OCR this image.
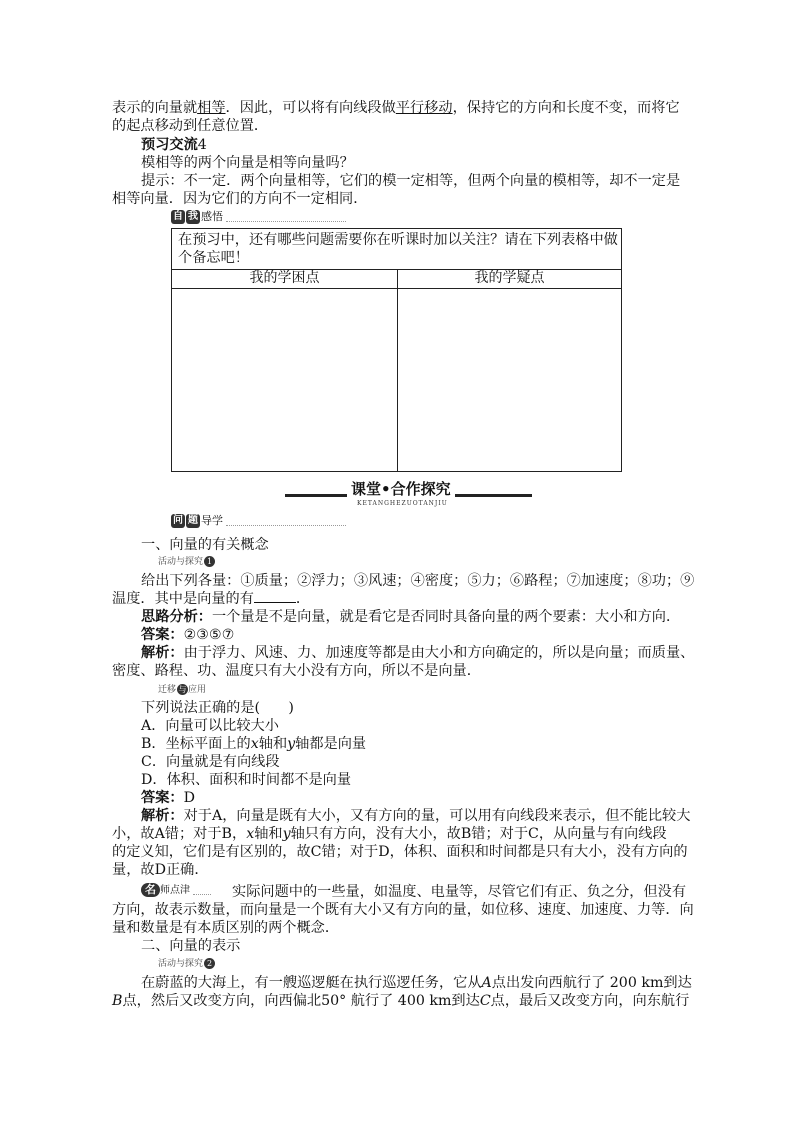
表示的向量就相等．因此，可以将有向线段做平行移动，保持它的方向和长度不变，而将它
的起点移动到任意位置．
预习交流4
模相等的两个向量是相等向量吗？
提示：不一定．两个向量相等，它们的模一定相等，但两个向量的模相等，却不一定是
相等向量．因为它们的方向不一定相同．
自 我 感悟
在预习中，还有哪些问题需要你在听课时加以关注？请在下列表格中做
个备忘吧！
我的学困点	我的学疑点
课堂•合作探究
KETANGHEZUOTANJIU
问 题 导学
一、向量的有关概念
活动与探究 1
给出下列各量：①质量；②浮力；③风速；④密度；⑤力；⑥路程；⑦加速度；⑧功；⑨
温度．其中是向量的有	．
思路分析：一个量是不是向量，就是看它是否同时具备向量的两个要素：大小和方向．
答案：②③⑤⑦
解析：由于浮力、风速、力、加速度等都是由大小和方向确定的，所以是向量；而质量、
密度、路程、功、温度只有大小没有方向，所以不是向量．
迁移 与 应用
下列说法正确的是(　　)
A．向量可以比较大小
B．坐标平面上的x轴和y轴都是向量
C．向量就是有向线段
D．体积、面积和时间都不是向量
答案：D
解析：对于A，向量是既有大小，又有方向的量，可以用有向线段来表示，但不能比较大
小，故A错；对于B，x轴和y轴只有方向，没有大小，故B错；对于C，从向量与有向线段
的定义知，它们是有区别的，故C错；对于D，体积、面积和时间都是只有大小，没有方向的
量，故D正确．
名 师点津	实际问题中的一些量，如温度、电量等，尽管它们有正、负之分，但没有
方向，故表示数量，而向量是一个既有大小又有方向的量，如位移、速度、加速度、力等．向
量和数量是有本质区别的两个概念．
二、向量的表示
活动与探究 2
在蔚蓝的大海上，有一艘巡逻艇在执行巡逻任务，它从A点出发向西航行了 200 km到达
B点，然后又改变方向，向西偏北50° 航行了 400 km到达C点，最后又改变方向，向东航行
